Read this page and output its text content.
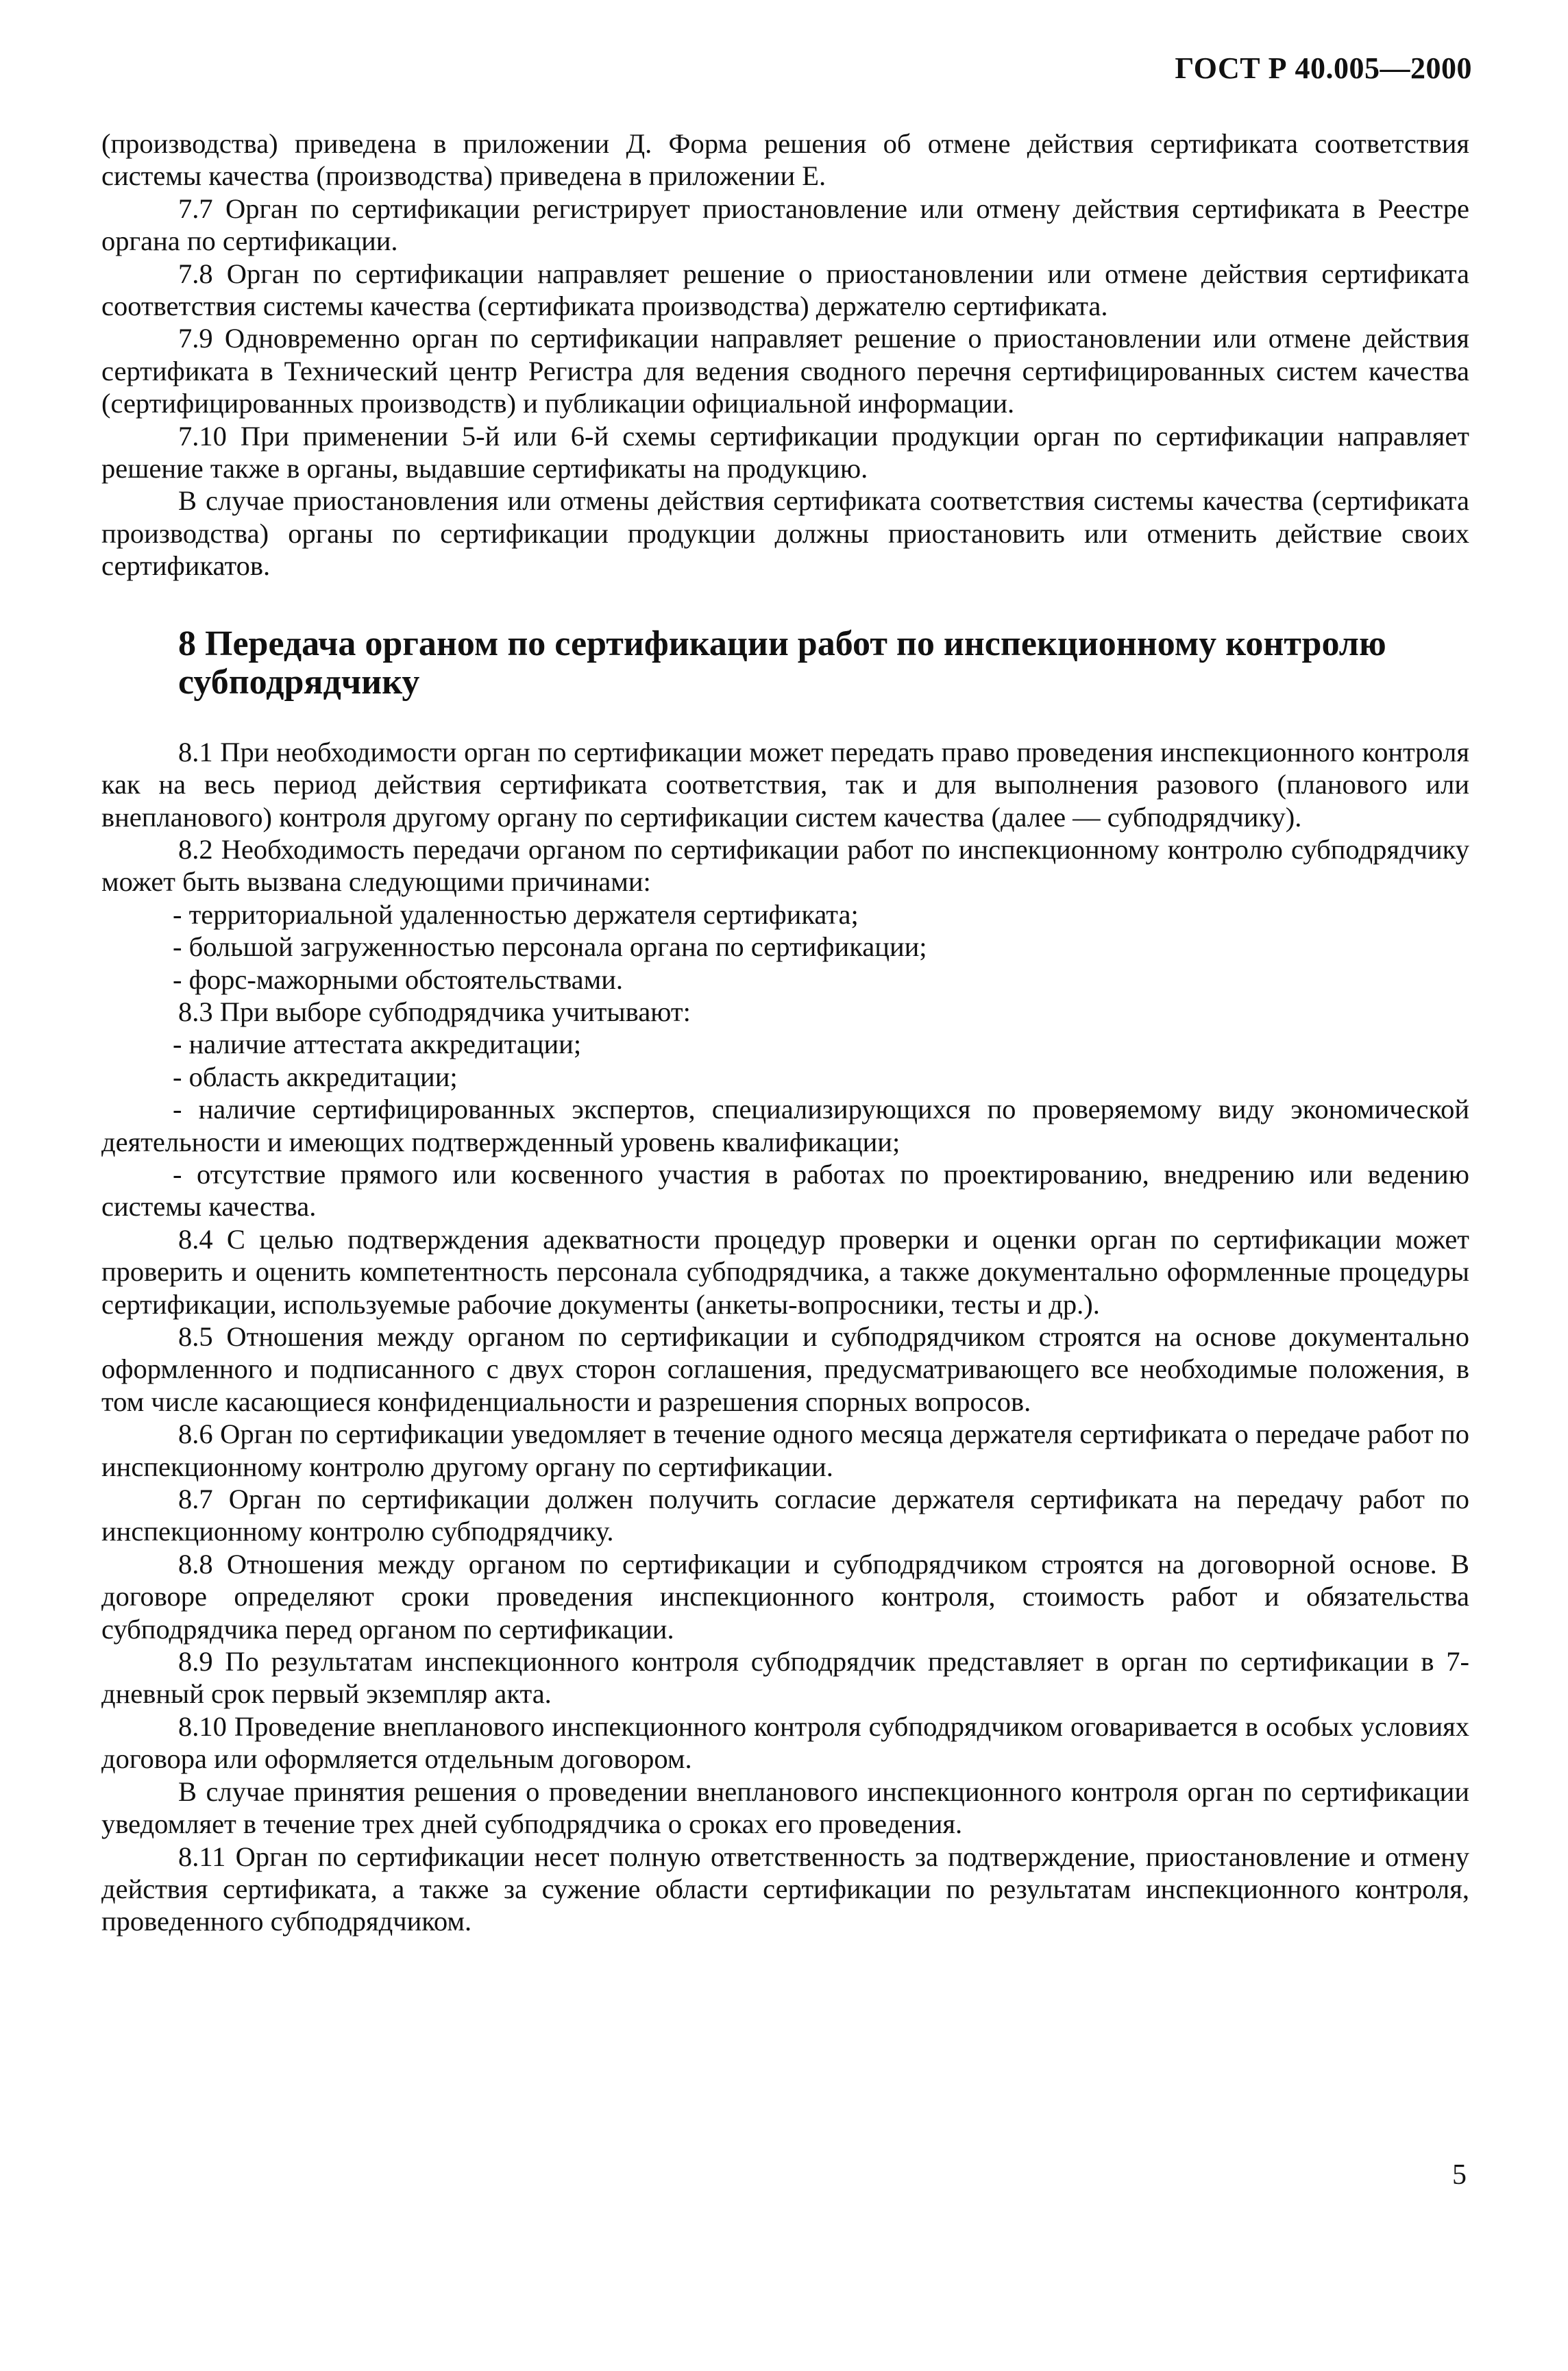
ГОСТ Р 40.005—2000

(производства) приведена в приложении Д. Форма решения об отмене действия сертификата соответствия системы качества (производства) приведена в приложении Е.

7.7 Орган по сертификации регистрирует приостановление или отмену действия сертификата в Реестре органа по сертификации.

7.8 Орган по сертификации направляет решение о приостановлении или отмене действия сертификата соответствия системы качества (сертификата производства) держателю сертификата.

7.9 Одновременно орган по сертификации направляет решение о приостановлении или отмене действия сертификата в Технический центр Регистра для ведения сводного перечня сертифицированных систем качества (сертифицированных производств) и публикации официальной информации.

7.10 При применении 5-й или 6-й схемы сертификации продукции орган по сертификации направляет решение также в органы, выдавшие сертификаты на продукцию.

В случае приостановления или отмены действия сертификата соответствия системы качества (сертификата производства) органы по сертификации продукции должны приостановить или отменить действие своих сертификатов.

8 Передача органом по сертификации работ по инспекционному контролю субподрядчику

8.1 При необходимости орган по сертификации может передать право проведения инспекционного контроля как на весь период действия сертификата соответствия, так и для выполнения разового (планового или внепланового) контроля другому органу по сертификации систем качества (далее — субподрядчику).

8.2 Необходимость передачи органом по сертификации работ по инспекционному контролю субподрядчику может быть вызвана следующими причинами:

- территориальной удаленностью держателя сертификата;

- большой загруженностью персонала органа по сертификации;

- форс-мажорными обстоятельствами.

8.3 При выборе субподрядчика учитывают:

- наличие аттестата аккредитации;

- область аккредитации;

- наличие сертифицированных экспертов, специализирующихся по проверяемому виду экономической деятельности и имеющих подтвержденный уровень квалификации;

- отсутствие прямого или косвенного участия в работах по проектированию, внедрению или ведению системы качества.

8.4 С целью подтверждения адекватности процедур проверки и оценки орган по сертификации может проверить и оценить компетентность персонала субподрядчика, а также документально оформленные процедуры сертификации, используемые рабочие документы (анкеты-вопросники, тесты и др.).

8.5 Отношения между органом по сертификации и субподрядчиком строятся на основе документально оформленного и подписанного с двух сторон соглашения, предусматривающего все необходимые положения, в том числе касающиеся конфиденциальности и разрешения спорных вопросов.

8.6 Орган по сертификации уведомляет в течение одного месяца держателя сертификата о передаче работ по инспекционному контролю другому органу по сертификации.

8.7 Орган по сертификации должен получить согласие держателя сертификата на передачу работ по инспекционному контролю субподрядчику.

8.8 Отношения между органом по сертификации и субподрядчиком строятся на договорной основе. В договоре определяют сроки проведения инспекционного контроля, стоимость работ и обязательства субподрядчика перед органом по сертификации.

8.9 По результатам инспекционного контроля субподрядчик представляет в орган по сертификации в 7-дневный срок первый экземпляр акта.

8.10 Проведение внепланового инспекционного контроля субподрядчиком оговаривается в особых условиях договора или оформляется отдельным договором.

В случае принятия решения о проведении внепланового инспекционного контроля орган по сертификации уведомляет в течение трех дней субподрядчика о сроках его проведения.

8.11 Орган по сертификации несет полную ответственность за подтверждение, приостановление и отмену действия сертификата, а также за сужение области сертификации по результатам инспекционного контроля, проведенного субподрядчиком.

5
